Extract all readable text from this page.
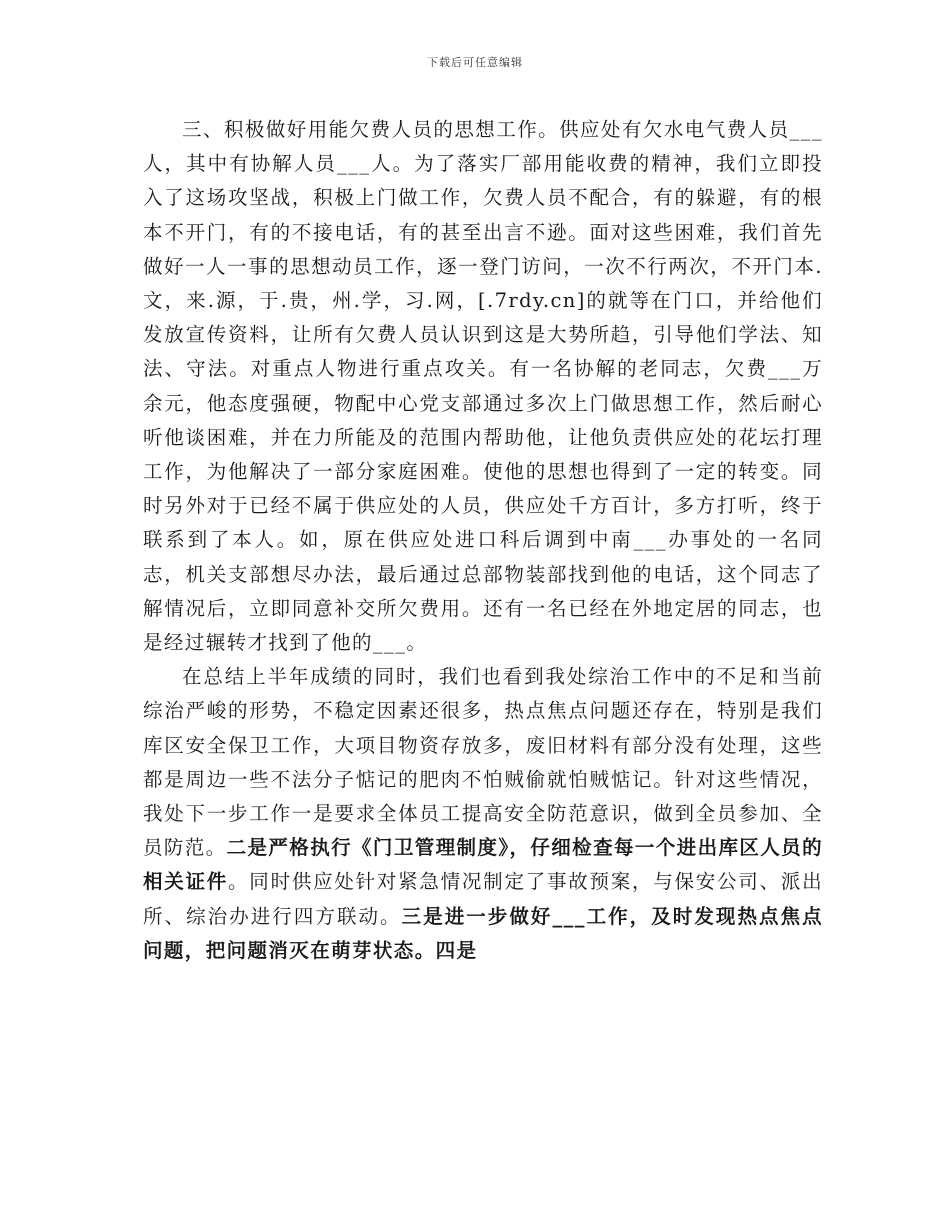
下载后可任意编辑

三、积极做好用能欠费人员的思想工作。供应处有欠水电气费人员___人，其中有协解人员___人。为了落实厂部用能收费的精神，我们立即投入了这场攻坚战，积极上门做工作，欠费人员不配合，有的躲避，有的根本不开门，有的不接电话，有的甚至出言不逊。面对这些困难，我们首先做好一人一事的思想动员工作，逐一登门访问，一次不行两次，不开门本.文，来.源，于.贵，州.学，习.网，[.7rdy.cn]的就等在门口，并给他们发放宣传资料，让所有欠费人员认识到这是大势所趋，引导他们学法、知法、守法。对重点人物进行重点攻关。有一名协解的老同志，欠费___万余元，他态度强硬，物配中心党支部通过多次上门做思想工作，然后耐心听他谈困难，并在力所能及的范围内帮助他，让他负责供应处的花坛打理工作，为他解决了一部分家庭困难。使他的思想也得到了一定的转变。同时另外对于已经不属于供应处的人员，供应处千方百计，多方打听，终于联系到了本人。如，原在供应处进口科后调到中南___办事处的一名同志，机关支部想尽办法，最后通过总部物装部找到他的电话，这个同志了解情况后，立即同意补交所欠费用。还有一名已经在外地定居的同志，也是经过辗转才找到了他的___。

在总结上半年成绩的同时，我们也看到我处综治工作中的不足和当前综治严峻的形势，不稳定因素还很多，热点焦点问题还存在，特别是我们库区安全保卫工作，大项目物资存放多，废旧材料有部分没有处理，这些都是周边一些不法分子惦记的肥肉不怕贼偷就怕贼惦记。针对这些情况，我处下一步工作一是要求全体员工提高安全防范意识，做到全员参加、全员防范。二是严格执行《门卫管理制度》，仔细检查每一个进出库区人员的相关证件。同时供应处针对紧急情况制定了事故预案，与保安公司、派出所、综治办进行四方联动。三是进一步做好___工作，及时发现热点焦点问题，把问题消灭在萌芽状态。四是
